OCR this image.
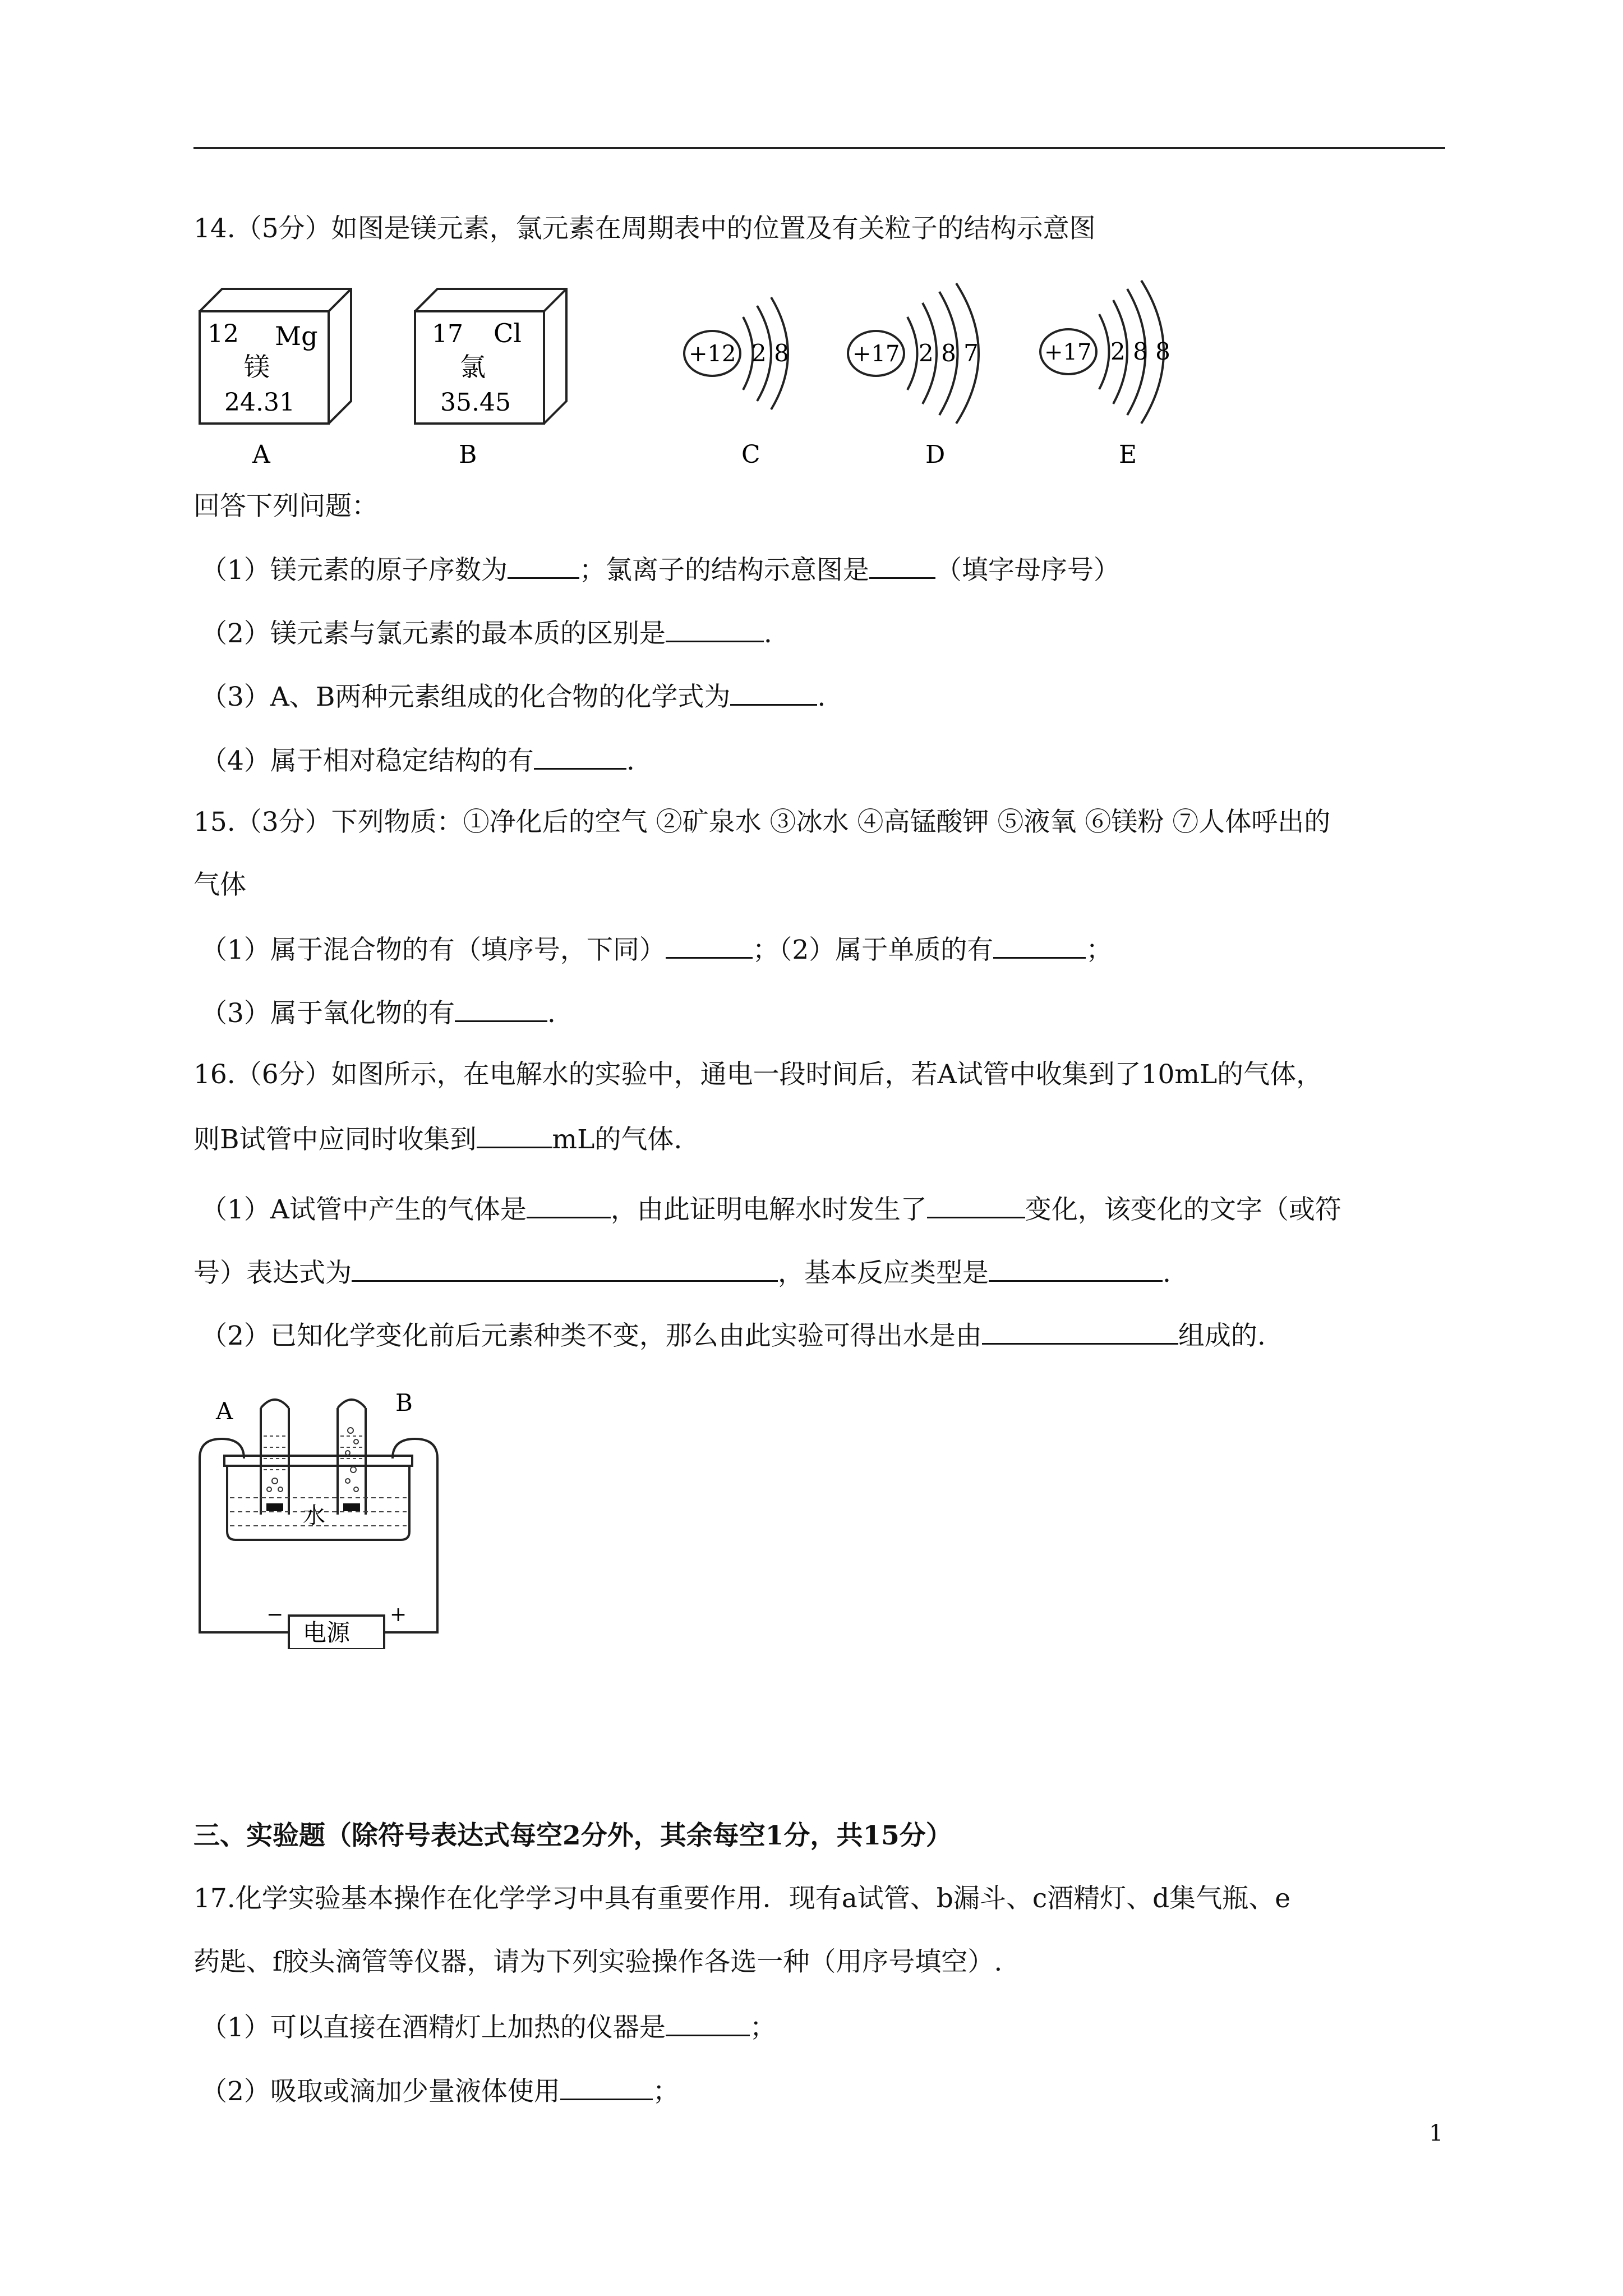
14.（5分）如图是镁元素，氯元素在周期表中的位置及有关粒子的结构示意图
12 Mg
镁
24.31
17 Cl
氯
35.45
+12 2 8	+17 2 8 7	+17 2 8 8
A	B	C	D	E
回答下列问题：
（1）镁元素的原子序数为	；氯离子的结构示意图是	（填字母序号）
（2）镁元素与氯元素的最本质的区别是	.
（3）A、B两种元素组成的化合物的化学式为	.
（4）属于相对稳定结构的有	.
15.（3分）下列物质：①净化后的空气 ②矿泉水 ③冰水 ④高锰酸钾 ⑤液氧 ⑥镁粉 ⑦人体呼出的
气体
（1）属于混合物的有（填序号，下同）	；（2）属于单质的有	；
（3）属于氧化物的有	.
16.（6分）如图所示，在电解水的实验中，通电一段时间后，若A试管中收集到了10mL的气体，
则B试管中应同时收集到	mL的气体.
（1）A试管中产生的气体是	，由此证明电解水时发生了	变化，该变化的文字（或符
号）表达式为	，基本反应类型是	.
（2）已知化学变化前后元素种类不变，那么由此实验可得出水是由	组成的.
A	B
水
电源
−	+
三、实验题（除符号表达式每空2分外，其余每空1分，共15分）
17.化学实验基本操作在化学学习中具有重要作用．现有a试管、b漏斗、c酒精灯、d集气瓶、e
药匙、f胶头滴管等仪器，请为下列实验操作各选一种（用序号填空）.
（1）可以直接在酒精灯上加热的仪器是	；
（2）吸取或滴加少量液体使用	；
1
